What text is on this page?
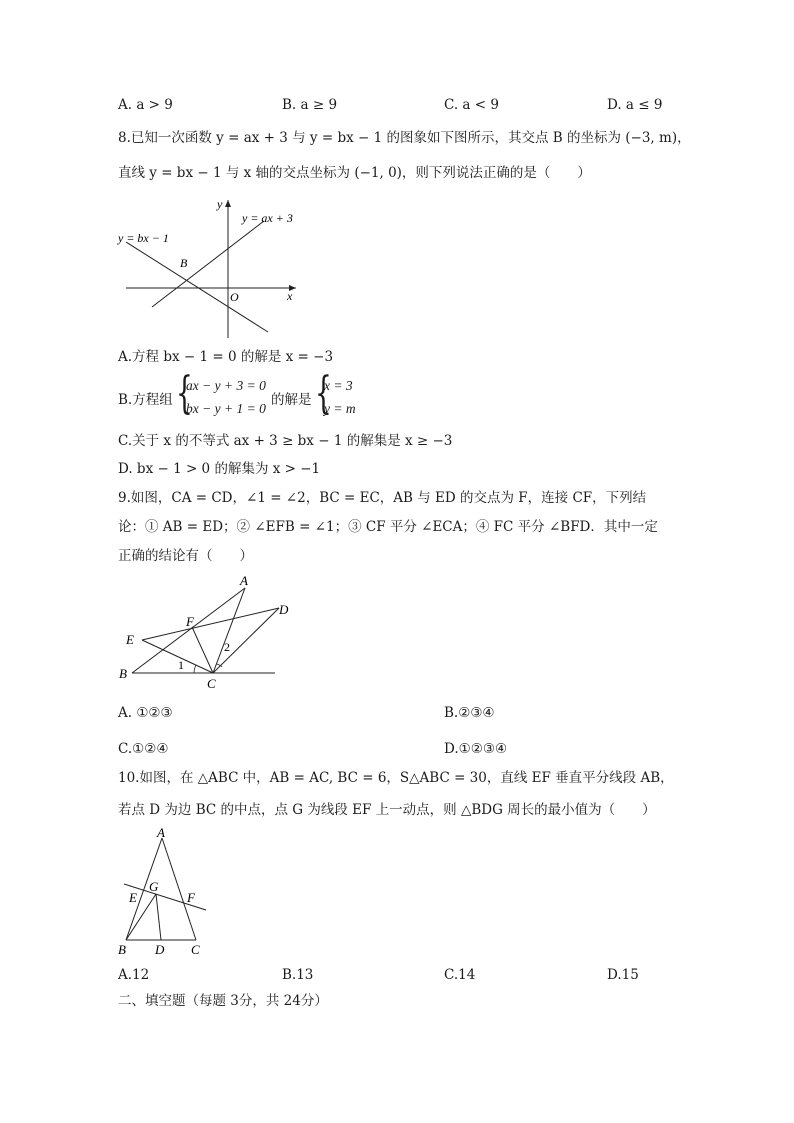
A. a > 9	B. a ≥ 9	C. a < 9	D. a ≤ 9
8.已知一次函数 y = ax + 3 与 y = bx − 1 的图象如下图所示，其交点 B 的坐标为 (−3, m)，
直线 y = bx − 1 与 x 轴的交点坐标为 (−1, 0)，则下列说法正确的是（　　）
y
x
O
B
y = ax + 3
y = bx − 1
A.方程 bx − 1 = 0 的解是 x = −3
B.方程组 {
ax − y + 3 = 0
bx − y + 1 = 0
的解是 {
x = 3
y = m
C.关于 x 的不等式 ax + 3 ≥ bx − 1 的解集是 x ≥ −3
D. bx − 1 > 0 的解集为 x > −1
9.如图，CA = CD，∠1 = ∠2，BC = EC，AB 与 ED 的交点为 F，连接 CF，下列结
论：① AB = ED；② ∠EFB = ∠1；③ CF 平分 ∠ECA；④ FC 平分 ∠BFD．其中一定
正确的结论有（　　）
A
B
C
D
E
F
1
2
A. ①②③	B.②③④
C.①②④	D.①②③④
10.如图，在 △ABC 中，AB = AC, BC = 6，S△ABC = 30，直线 EF 垂直平分线段 AB，
若点 D 为边 BC 的中点，点 G 为线段 EF 上一动点，则 △BDG 周长的最小值为（　　）
A
B	C
D
E	F
G
A.12	B.13	C.14	D.15
二、填空题（每题 3分，共 24分）
